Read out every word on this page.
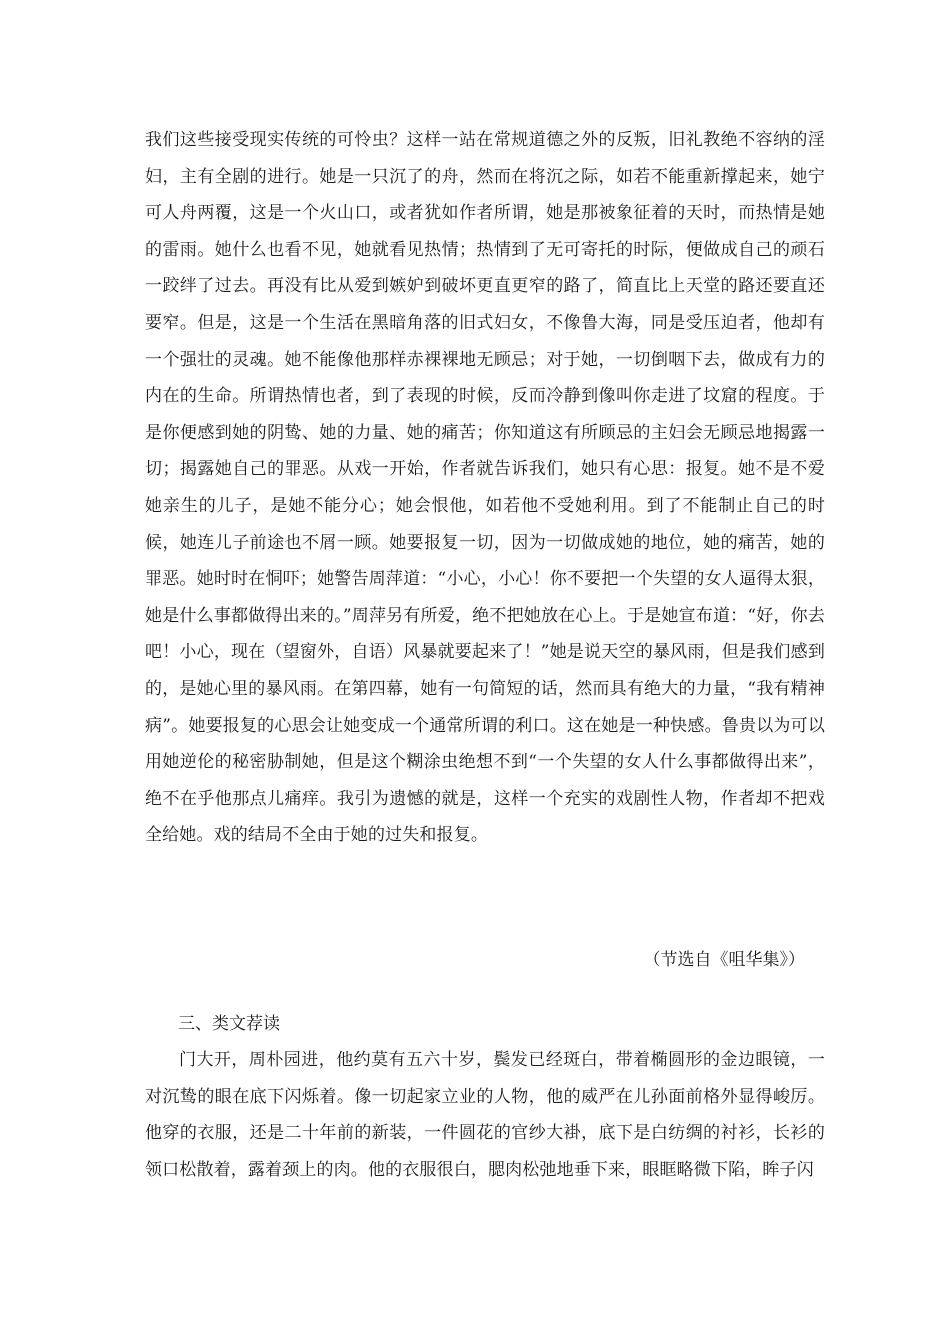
我们这些接受现实传统的可怜虫？这样一站在常规道德之外的反叛，旧礼教绝不容纳的淫妇，主有全剧的进行。她是一只沉了的舟，然而在将沉之际，如若不能重新撑起来，她宁可人舟两覆，这是一个火山口，或者犹如作者所谓，她是那被象征着的天时，而热情是她的雷雨。她什么也看不见，她就看见热情；热情到了无可寄托的时际，便做成自己的顽石一跤绊了过去。再没有比从爱到嫉妒到破坏更直更窄的路了，简直比上天堂的路还要直还要窄。但是，这是一个生活在黑暗角落的旧式妇女，不像鲁大海，同是受压迫者，他却有一个强壮的灵魂。她不能像他那样赤裸裸地无顾忌；对于她，一切倒咽下去，做成有力的内在的生命。所谓热情也者，到了表现的时候，反而冷静到像叫你走进了坟窟的程度。于是你便感到她的阴鸷、她的力量、她的痛苦；你知道这有所顾忌的主妇会无顾忌地揭露一切；揭露她自己的罪恶。从戏一开始，作者就告诉我们，她只有心思：报复。她不是不爱她亲生的儿子，是她不能分心；她会恨他，如若他不受她利用。到了不能制止自己的时候，她连儿子前途也不屑一顾。她要报复一切，因为一切做成她的地位，她的痛苦，她的罪恶。她时时在恫吓；她警告周萍道：“小心，小心！你不要把一个失望的女人逼得太狠，她是什么事都做得出来的。”周萍另有所爱，绝不把她放在心上。于是她宣布道：“好，你去吧！小心，现在（望窗外，自语）风暴就要起来了！”她是说天空的暴风雨，但是我们感到的，是她心里的暴风雨。在第四幕，她有一句简短的话，然而具有绝大的力量，“我有精神病”。她要报复的心思会让她变成一个通常所谓的利口。这在她是一种快感。鲁贵以为可以用她逆伦的秘密胁制她，但是这个糊涂虫绝想不到“一个失望的女人什么事都做得出来”，绝不在乎他那点儿痛痒。我引为遗憾的就是，这样一个充实的戏剧性人物，作者却不把戏全给她。戏的结局不全由于她的过失和报复。

（节选自《咀华集》）

三、类文荐读

门大开，周朴园进，他约莫有五六十岁，鬓发已经斑白，带着椭圆形的金边眼镜，一对沉鸷的眼在底下闪烁着。像一切起家立业的人物，他的威严在儿孙面前格外显得峻厉。他穿的衣服，还是二十年前的新装，一件圆花的官纱大褂，底下是白纺绸的衬衫，长衫的领口松散着，露着颈上的肉。他的衣服很白，腮肉松弛地垂下来，眼眶略微下陷，眸子闪
